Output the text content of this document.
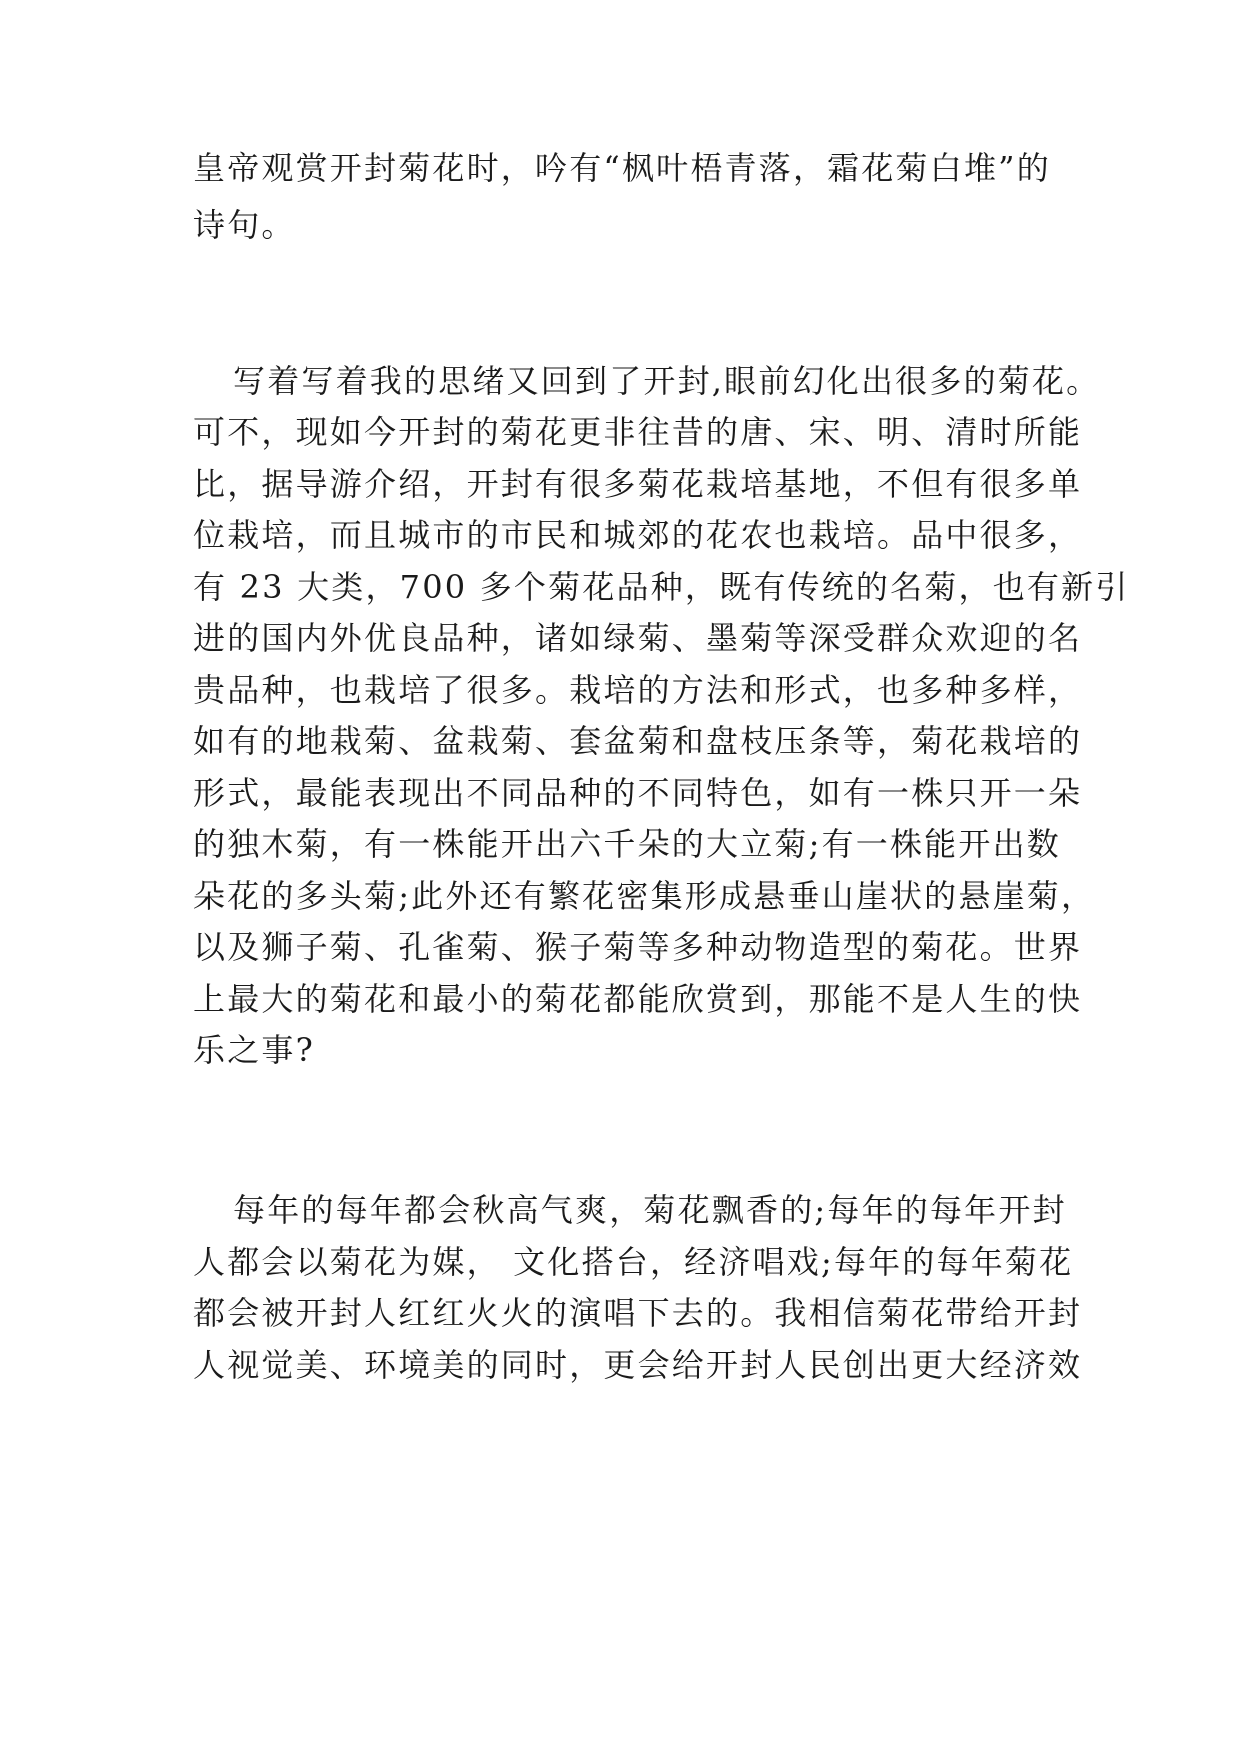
皇帝观赏开封菊花时，吟有“枫叶梧青落，霜花菊白堆”的
诗句。
写着写着我的思绪又回到了开封,眼前幻化出很多的菊花。
可不，现如今开封的菊花更非往昔的唐、宋、明、清时所能
比，据导游介绍，开封有很多菊花栽培基地，不但有很多单
位栽培，而且城市的市民和城郊的花农也栽培。品中很多，
有 23 大类，700 多个菊花品种，既有传统的名菊，也有新引
进的国内外优良品种，诸如绿菊、墨菊等深受群众欢迎的名
贵品种，也栽培了很多。栽培的方法和形式，也多种多样，
如有的地栽菊、盆栽菊、套盆菊和盘枝压条等，菊花栽培的
形式，最能表现出不同品种的不同特色，如有一株只开一朵
的独木菊，有一株能开出六千朵的大立菊;有一株能开出数
朵花的多头菊;此外还有繁花密集形成悬垂山崖状的悬崖菊，
以及狮子菊、孔雀菊、猴子菊等多种动物造型的菊花。世界
上最大的菊花和最小的菊花都能欣赏到，那能不是人生的快
乐之事?
每年的每年都会秋高气爽，菊花飘香的;每年的每年开封
人都会以菊花为媒， 文化搭台，经济唱戏;每年的每年菊花
都会被开封人红红火火的演唱下去的。我相信菊花带给开封
人视觉美、环境美的同时，更会给开封人民创出更大经济效
